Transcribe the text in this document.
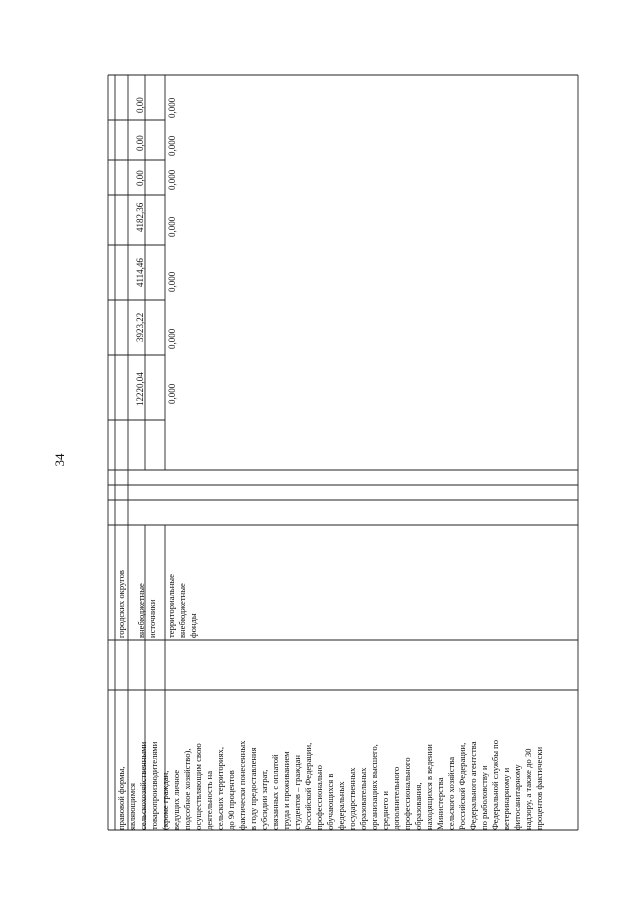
34
правовой формы,
являющимся
сельскохозяйственными
товаропроизводителями
(кроме граждан,
ведущих личное
подсобное хозяйство),
осуществляющим свою
деятельность на
сельских территориях,
до 90 процентов
фактически понесенных
в году предоставления
субсидии затрат,
связанных с оплатой
труда и проживанием
студентов – граждан
Российской Федерации,
профессионально
обучающихся в
федеральных
государственных
образовательных
организациях высшего,
среднего и
дополнительного
профессионального
образования,
находящихся в ведении
Министерства
сельского хозяйства
Российской Федерации,
Федерального агентства
по рыболовству и
Федеральной службы по
ветеринарному и
фитосанитарному
надзору, а также до 30
процентов фактически
городских округов	внебюджетные
источники	территориальные
внебюджетные
фонды
12220,04
3923,22
4114,46
4182,36
0,00
0,00
0,00
0,000
0,000
0,000
0,000
0,000
0,000
0,000
